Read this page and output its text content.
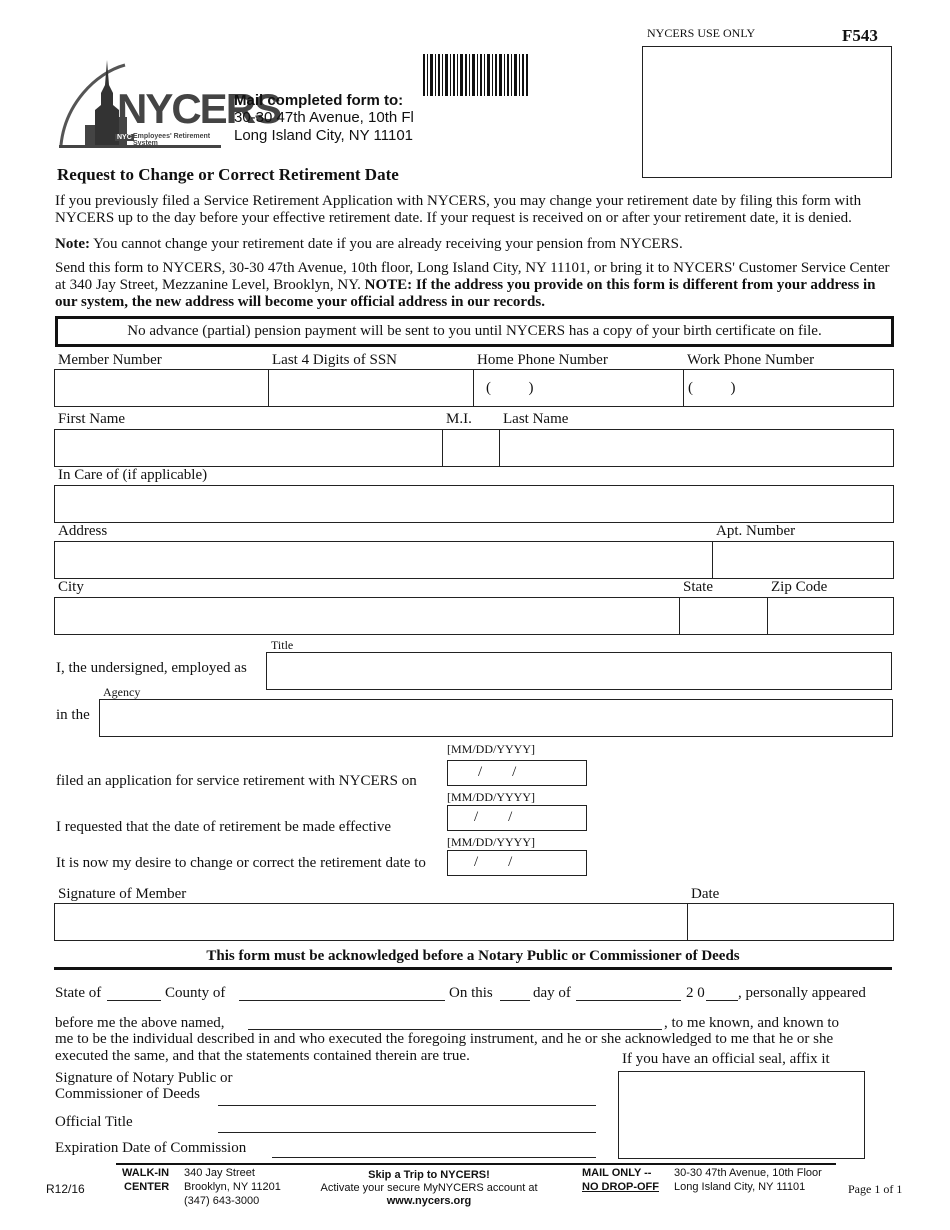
NYCERS
NYC Employees' Retirement System
Mail completed form to:
30-30 47th Avenue, 10th Fl
Long Island City, NY 11101
NYCERS USE ONLY	F543
Request to Change or Correct Retirement Date
If you previously filed a Service Retirement Application with NYCERS, you may change your retirement date by filing this form with NYCERS up to the day before your effective retirement date. If your request is received on or after your retirement date, it is denied.
Note: You cannot change your retirement date if you are already receiving your pension from NYCERS.
Send this form to NYCERS, 30-30 47th Avenue, 10th floor, Long Island City, NY 11101, or bring it to NYCERS' Customer Service Center at 340 Jay Street, Mezzanine Level, Brooklyn, NY. NOTE: If the address you provide on this form is different from your address in our system, the new address will become your official address in our records.
No advance (partial) pension payment will be sent to you until NYCERS has a copy of your birth certificate on file.
Member Number	Last 4 Digits of SSN	Home Phone Number	Work Phone Number
(          )	(          )
First Name	M.I. Last Name
In Care of (if applicable)
Address	Apt. Number
City	State	Zip Code
Title
I, the undersigned, employed as
Agency
in the
[MM/DD/YYYY]
filed an application for service retirement with NYCERS on
/        /
[MM/DD/YYYY]
I requested that the date of retirement be made effective
/        /
[MM/DD/YYYY]
It is now my desire to change or correct the retirement date to	/        /
Signature of Member	Date
This form must be acknowledged before a Notary Public or Commissioner of Deeds
State of	County of	On this	day of	2 0 , personally appeared
before me the above named,	, to me known, and known to
me to be the individual described in and who executed the foregoing instrument, and he or she acknowledged to me that he or she
executed the same, and that the statements contained therein are true.	If you have an official seal, affix it
Signature of Notary Public or
Commissioner of Deeds
Official Title
Expiration Date of Commission
R12/16
WALK-IN
CENTER
340 Jay Street
Brooklyn, NY 11201
(347) 643-3000
Skip a Trip to NYCERS!
Activate your secure MyNYCERS account at
www.nycers.org
MAIL ONLY --
NO DROP-OFF
30-30 47th Avenue, 10th Floor
Long Island City, NY 11101	Page 1 of 1
